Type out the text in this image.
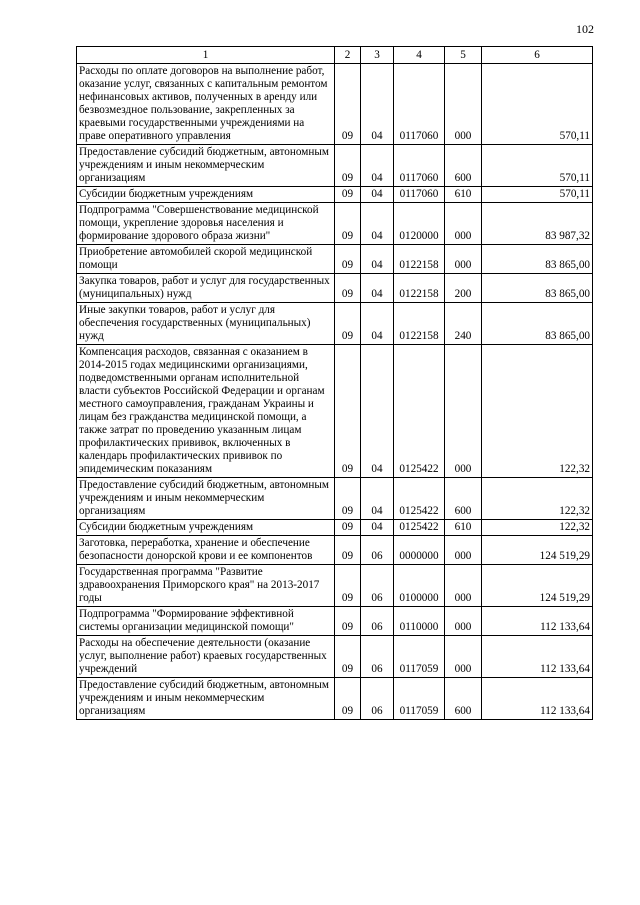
102
1	2	3	4	5	6
Расходы по оплате договоров на выполнение работ, оказание услуг, связанных с капитальным ремонтом нефинансовых активов, полученных в аренду или безвозмездное пользование, закрепленных за краевыми государственными учреждениями на праве оперативного управления	09	04	0117060	000	570,11
Предоставление субсидий бюджетным, автономным учреждениям и иным некоммерческим организациям	09	04	0117060	600	570,11
Субсидии бюджетным учреждениям	09	04	0117060	610	570,11
Подпрограмма "Совершенствование медицинской помощи, укрепление здоровья населения и формирование здорового образа жизни"	09	04	0120000	000	83 987,32
Приобретение автомобилей скорой медицинской помощи	09	04	0122158	000	83 865,00
Закупка товаров, работ и услуг для государственных (муниципальных) нужд	09	04	0122158	200	83 865,00
Иные закупки товаров, работ и услуг для обеспечения государственных (муниципальных) нужд	09	04	0122158	240	83 865,00
Компенсация расходов, связанная с оказанием в 2014-2015 годах медицинскими организациями, подведомственными органам исполнительной власти субъектов Российской Федерации и органам местного самоуправления, гражданам Украины и лицам без гражданства медицинской помощи, а также затрат по проведению указанным лицам профилактических прививок, включенных в календарь профилактических прививок по эпидемическим показаниям	09	04	0125422	000	122,32
Предоставление субсидий бюджетным, автономным учреждениям и иным некоммерческим организациям	09	04	0125422	600	122,32
Субсидии бюджетным учреждениям	09	04	0125422	610	122,32
Заготовка, переработка, хранение и обеспечение безопасности донорской крови и ее компонентов	09	06	0000000	000	124 519,29
Государственная программа "Развитие здравоохранения Приморского края" на 2013-2017 годы	09	06	0100000	000	124 519,29
Подпрограмма "Формирование эффективной системы организации медицинской помощи"	09	06	0110000	000	112 133,64
Расходы на обеспечение деятельности (оказание услуг, выполнение работ) краевых государственных учреждений	09	06	0117059	000	112 133,64
Предоставление субсидий бюджетным, автономным учреждениям и иным некоммерческим организациям	09	06	0117059	600	112 133,64
